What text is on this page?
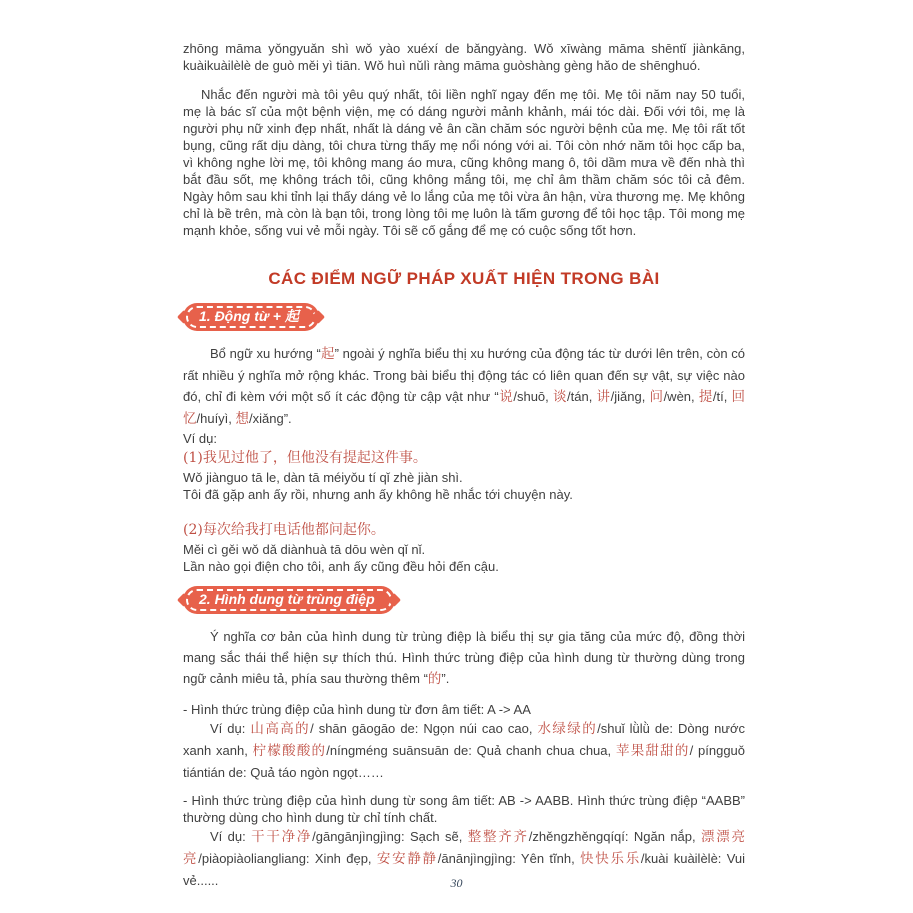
zhōng māma yǒngyuǎn shì wǒ yào xuéxí de bǎngyàng. Wǒ xīwàng māma shēntǐ jiànkāng, kuàikuàilèlè de guò měi yì tiān. Wǒ huì nǔlì ràng māma guòshàng gèng hǎo de shēnghuó.

Nhắc đến người mà tôi yêu quý nhất, tôi liền nghĩ ngay đến mẹ tôi. Mẹ tôi năm nay 50 tuổi, mẹ là bác sĩ của một bệnh viện, mẹ có dáng người mảnh khảnh, mái tóc dài. Đối với tôi, mẹ là người phụ nữ xinh đẹp nhất, nhất là dáng vẻ ân cần chăm sóc người bệnh của mẹ. Mẹ tôi rất tốt bụng, cũng rất dịu dàng, tôi chưa từng thấy mẹ nổi nóng với ai. Tôi còn nhớ năm tôi học cấp ba, vì không nghe lời mẹ, tôi không mang áo mưa, cũng không mang ô, tôi dầm mưa về đến nhà thì bắt đầu sốt, mẹ không trách tôi, cũng không mắng tôi, mẹ chỉ âm thầm chăm sóc tôi cả đêm. Ngày hôm sau khi tỉnh lại thấy dáng vẻ lo lắng của mẹ tôi vừa ân hận, vừa thương mẹ. Mẹ không chỉ là bề trên, mà còn là bạn tôi, trong lòng tôi mẹ luôn là tấm gương để tôi học tập. Tôi mong mẹ mạnh khỏe, sống vui vẻ mỗi ngày. Tôi sẽ cố gắng để mẹ có cuộc sống tốt hơn.

CÁC ĐIỂM NGỮ PHÁP XUẤT HIỆN TRONG BÀI
1. Động từ + 起

Bổ ngữ xu hướng “起” ngoài ý nghĩa biểu thị xu hướng của động tác từ dưới lên trên, còn có rất nhiều ý nghĩa mở rộng khác. Trong bài biểu thị động tác có liên quan đến sự vật, sự việc nào đó, chỉ đi kèm với một số ít các động từ cập vật như “说/shuō, 谈/tán, 讲/jiǎng, 问/wèn, 提/tí, 回忆/huíyì, 想/xiǎng”.

Ví dụ:

(1)我见过他了，但他没有提起这件事。

Wǒ jiànguo tā le, dàn tā méiyǒu tí qǐ zhè jiàn shì.

Tôi đã gặp anh ấy rồi, nhưng anh ấy không hề nhắc tới chuyện này.

(2)每次给我打电话他都问起你。

Měi cì gěi wǒ dǎ diànhuà tā dōu wèn qǐ nǐ.

Lần nào gọi điện cho tôi, anh ấy cũng đều hỏi đến cậu.

2. Hình dung từ trùng điệp

Ý nghĩa cơ bản của hình dung từ trùng điệp là biểu thị sự gia tăng của mức độ, đồng thời mang sắc thái thể hiện sự thích thú. Hình thức trùng điệp của hình dung từ thường dùng trong ngữ cảnh miêu tả, phía sau thường thêm “的”.

- Hình thức trùng điệp của hình dung từ đơn âm tiết: A -> AA

Ví dụ: 山高高的/ shān gāogāo de: Ngọn núi cao cao, 水绿绿的/shuǐ lǜlǜ de: Dòng nước xanh xanh, 柠檬酸酸的/níngméng suānsuān de: Quả chanh chua chua, 苹果甜甜的/ píngguǒ tiántián de: Quả táo ngòn ngọt……

- Hình thức trùng điệp của hình dung từ song âm tiết: AB -> AABB. Hình thức trùng điệp “AABB” thường dùng cho hình dung từ chỉ tính chất.

Ví dụ: 干干净净/gāngānjìngjìng: Sạch sẽ, 整整齐齐/zhěngzhěngqíqí: Ngăn nắp, 漂漂亮亮/piàopiàoliangliang: Xinh đẹp, 安安静静/ānānjìngjìng: Yên tĩnh, 快快乐乐/kuài kuàilèlè: Vui vẻ......	30
